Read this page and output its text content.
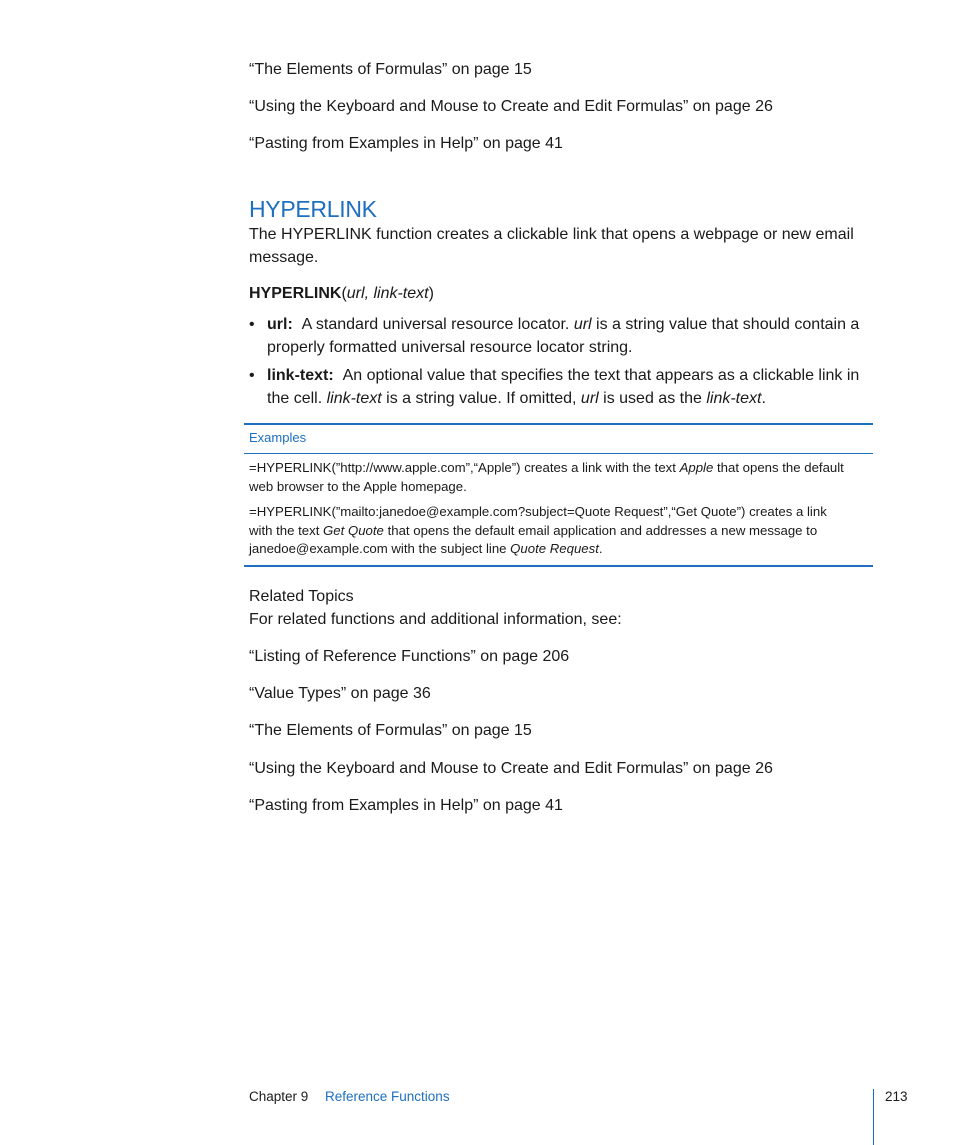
“The Elements of Formulas” on page 15
“Using the Keyboard and Mouse to Create and Edit Formulas” on page 26
“Pasting from Examples in Help” on page 41
HYPERLINK
The HYPERLINK function creates a clickable link that opens a webpage or new email message.
HYPERLINK(url, link-text)
• url: A standard universal resource locator. url is a string value that should contain a properly formatted universal resource locator string.
• link-text: An optional value that specifies the text that appears as a clickable link in the cell. link-text is a string value. If omitted, url is used as the link-text.
Examples
=HYPERLINK(”http://www.apple.com”,“Apple”) creates a link with the text Apple that opens the default web browser to the Apple homepage.
=HYPERLINK(”mailto:janedoe@example.com?subject=Quote Request”,“Get Quote”) creates a link with the text Get Quote that opens the default email application and addresses a new message to janedoe@example.com with the subject line Quote Request.
Related Topics
For related functions and additional information, see:
“Listing of Reference Functions” on page 206
“Value Types” on page 36
“The Elements of Formulas” on page 15
“Using the Keyboard and Mouse to Create and Edit Formulas” on page 26
“Pasting from Examples in Help” on page 41
Chapter 9 Reference Functions	213
